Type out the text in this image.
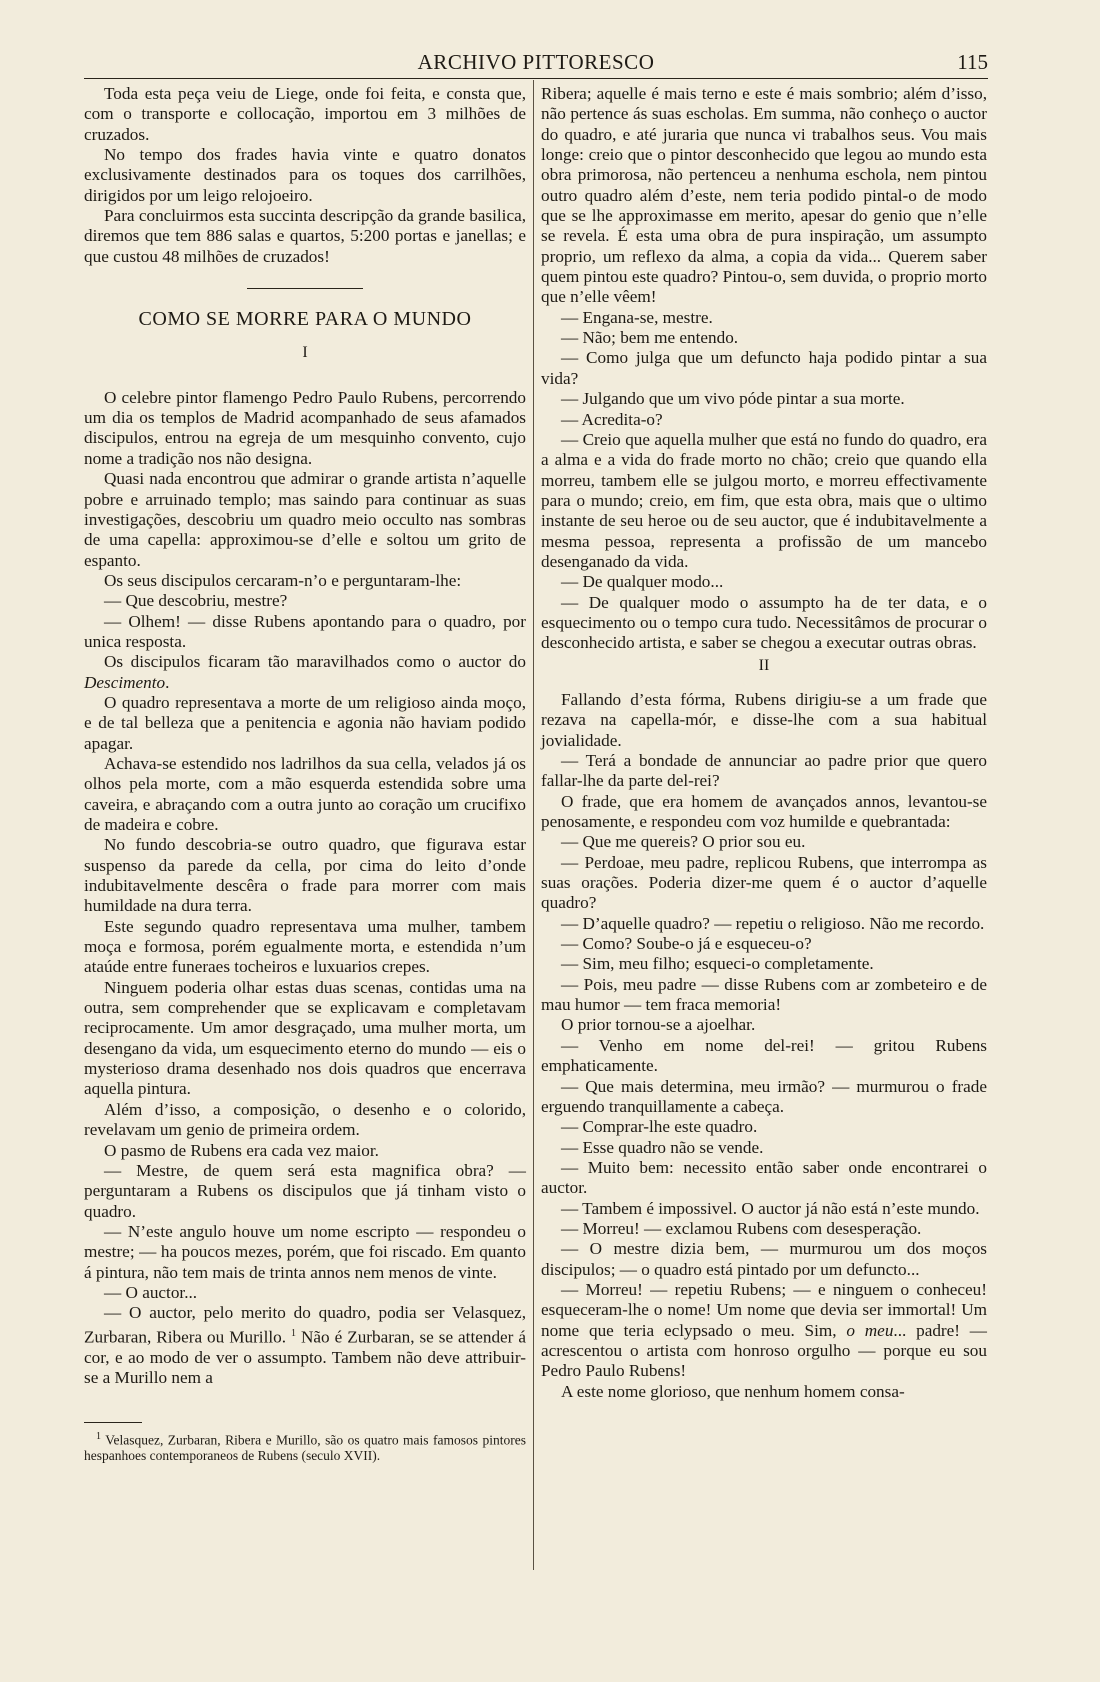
ARCHIVO PITTORESCO	115

Toda esta peça veiu de Liege, onde foi feita, e consta que, com o transporte e collocação, importou em 3 milhões de cruzados.

No tempo dos frades havia vinte e quatro donatos exclusivamente destinados para os toques dos carrilhões, dirigidos por um leigo relojoeiro.

Para concluirmos esta succinta descripção da grande basilica, diremos que tem 886 salas e quartos, 5:200 portas e janellas; e que custou 48 milhões de cruzados!

COMO SE MORRE PARA O MUNDO
I

O celebre pintor flamengo Pedro Paulo Rubens, percorrendo um dia os templos de Madrid acompanhado de seus afamados discipulos, entrou na egreja de um mesquinho convento, cujo nome a tradição nos não designa.

Quasi nada encontrou que admirar o grande artista n’aquelle pobre e arruinado templo; mas saindo para continuar as suas investigações, descobriu um quadro meio occulto nas sombras de uma capella: approximou-se d’elle e soltou um grito de espanto.

Os seus discipulos cercaram-n’o e perguntaram-lhe:

— Que descobriu, mestre?

— Olhem! — disse Rubens apontando para o quadro, por unica resposta.

Os discipulos ficaram tão maravilhados como o auctor do Descimento.

O quadro representava a morte de um religioso ainda moço, e de tal belleza que a penitencia e agonia não haviam podido apagar.

Achava-se estendido nos ladrilhos da sua cella, velados já os olhos pela morte, com a mão esquerda estendida sobre uma caveira, e abraçando com a outra junto ao coração um crucifixo de madeira e cobre.

No fundo descobria-se outro quadro, que figurava estar suspenso da parede da cella, por cima do leito d’onde indubitavelmente descêra o frade para morrer com mais humildade na dura terra.

Este segundo quadro representava uma mulher, tambem moça e formosa, porém egualmente morta, e estendida n’um ataúde entre funeraes tocheiros e luxuarios crepes.

Ninguem poderia olhar estas duas scenas, contidas uma na outra, sem comprehender que se explicavam e completavam reciprocamente. Um amor desgraçado, uma mulher morta, um desengano da vida, um esquecimento eterno do mundo — eis o mysterioso drama desenhado nos dois quadros que encerrava aquella pintura.

Além d’isso, a composição, o desenho e o colorido, revelavam um genio de primeira ordem.

O pasmo de Rubens era cada vez maior.

— Mestre, de quem será esta magnifica obra? — perguntaram a Rubens os discipulos que já tinham visto o quadro.

— N’este angulo houve um nome escripto — respondeu o mestre; — ha poucos mezes, porém, que foi riscado. Em quanto á pintura, não tem mais de trinta annos nem menos de vinte.

— O auctor...

— O auctor, pelo merito do quadro, podia ser Velasquez, Zurbaran, Ribera ou Murillo. $^1$ Não é Zurbaran, se se attender á cor, e ao modo de ver o assumpto. Tambem não deve attribuir-se a Murillo nem a

$^1$ Velasquez, Zurbaran, Ribera e Murillo, são os quatro mais famosos pintores hespanhoes contemporaneos de Rubens (seculo XVII).

Ribera; aquelle é mais terno e este é mais sombrio; além d’isso, não pertence ás suas escholas. Em summa, não conheço o auctor do quadro, e até juraria que nunca vi trabalhos seus. Vou mais longe: creio que o pintor desconhecido que legou ao mundo esta obra primorosa, não pertenceu a nenhuma eschola, nem pintou outro quadro além d’este, nem teria podido pintal-o de modo que se lhe approximasse em merito, apesar do genio que n’elle se revela. É esta uma obra de pura inspiração, um assumpto proprio, um reflexo da alma, a copia da vida... Querem saber quem pintou este quadro? Pintou-o, sem duvida, o proprio morto que n’elle vêem!

— Engana-se, mestre.

— Não; bem me entendo.

— Como julga que um defuncto haja podido pintar a sua vida?

— Julgando que um vivo póde pintar a sua morte.

— Acredita-o?

— Creio que aquella mulher que está no fundo do quadro, era a alma e a vida do frade morto no chão; creio que quando ella morreu, tambem elle se julgou morto, e morreu effectivamente para o mundo; creio, em fim, que esta obra, mais que o ultimo instante de seu heroe ou de seu auctor, que é indubitavelmente a mesma pessoa, representa a profissão de um mancebo desenganado da vida.

— De qualquer modo...

— De qualquer modo o assumpto ha de ter data, e o esquecimento ou o tempo cura tudo. Necessitâmos de procurar o desconhecido artista, e saber se chegou a executar outras obras.

II

Fallando d’esta fórma, Rubens dirigiu-se a um frade que rezava na capella-mór, e disse-lhe com a sua habitual jovialidade.

— Terá a bondade de annunciar ao padre prior que quero fallar-lhe da parte del-rei?

O frade, que era homem de avançados annos, levantou-se penosamente, e respondeu com voz humilde e quebrantada:

— Que me quereis? O prior sou eu.

— Perdoae, meu padre, replicou Rubens, que interrompa as suas orações. Poderia dizer-me quem é o auctor d’aquelle quadro?

— D’aquelle quadro? — repetiu o religioso. Não me recordo.

— Como? Soube-o já e esqueceu-o?

— Sim, meu filho; esqueci-o completamente.

— Pois, meu padre — disse Rubens com ar zombeteiro e de mau humor — tem fraca memoria!

O prior tornou-se a ajoelhar.

— Venho em nome del-rei! — gritou Rubens emphaticamente.

— Que mais determina, meu irmão? — murmurou o frade erguendo tranquillamente a cabeça.

— Comprar-lhe este quadro.

— Esse quadro não se vende.

— Muito bem: necessito então saber onde encontrarei o auctor.

— Tambem é impossivel. O auctor já não está n’este mundo.

— Morreu! — exclamou Rubens com desesperação.

— O mestre dizia bem, — murmurou um dos moços discipulos; — o quadro está pintado por um defuncto...

— Morreu! — repetiu Rubens; — e ninguem o conheceu! esqueceram-lhe o nome! Um nome que devia ser immortal! Um nome que teria eclypsado o meu. Sim, o meu... padre! — acrescentou o artista com honroso orgulho — porque eu sou Pedro Paulo Rubens!

A este nome glorioso, que nenhum homem consa-
